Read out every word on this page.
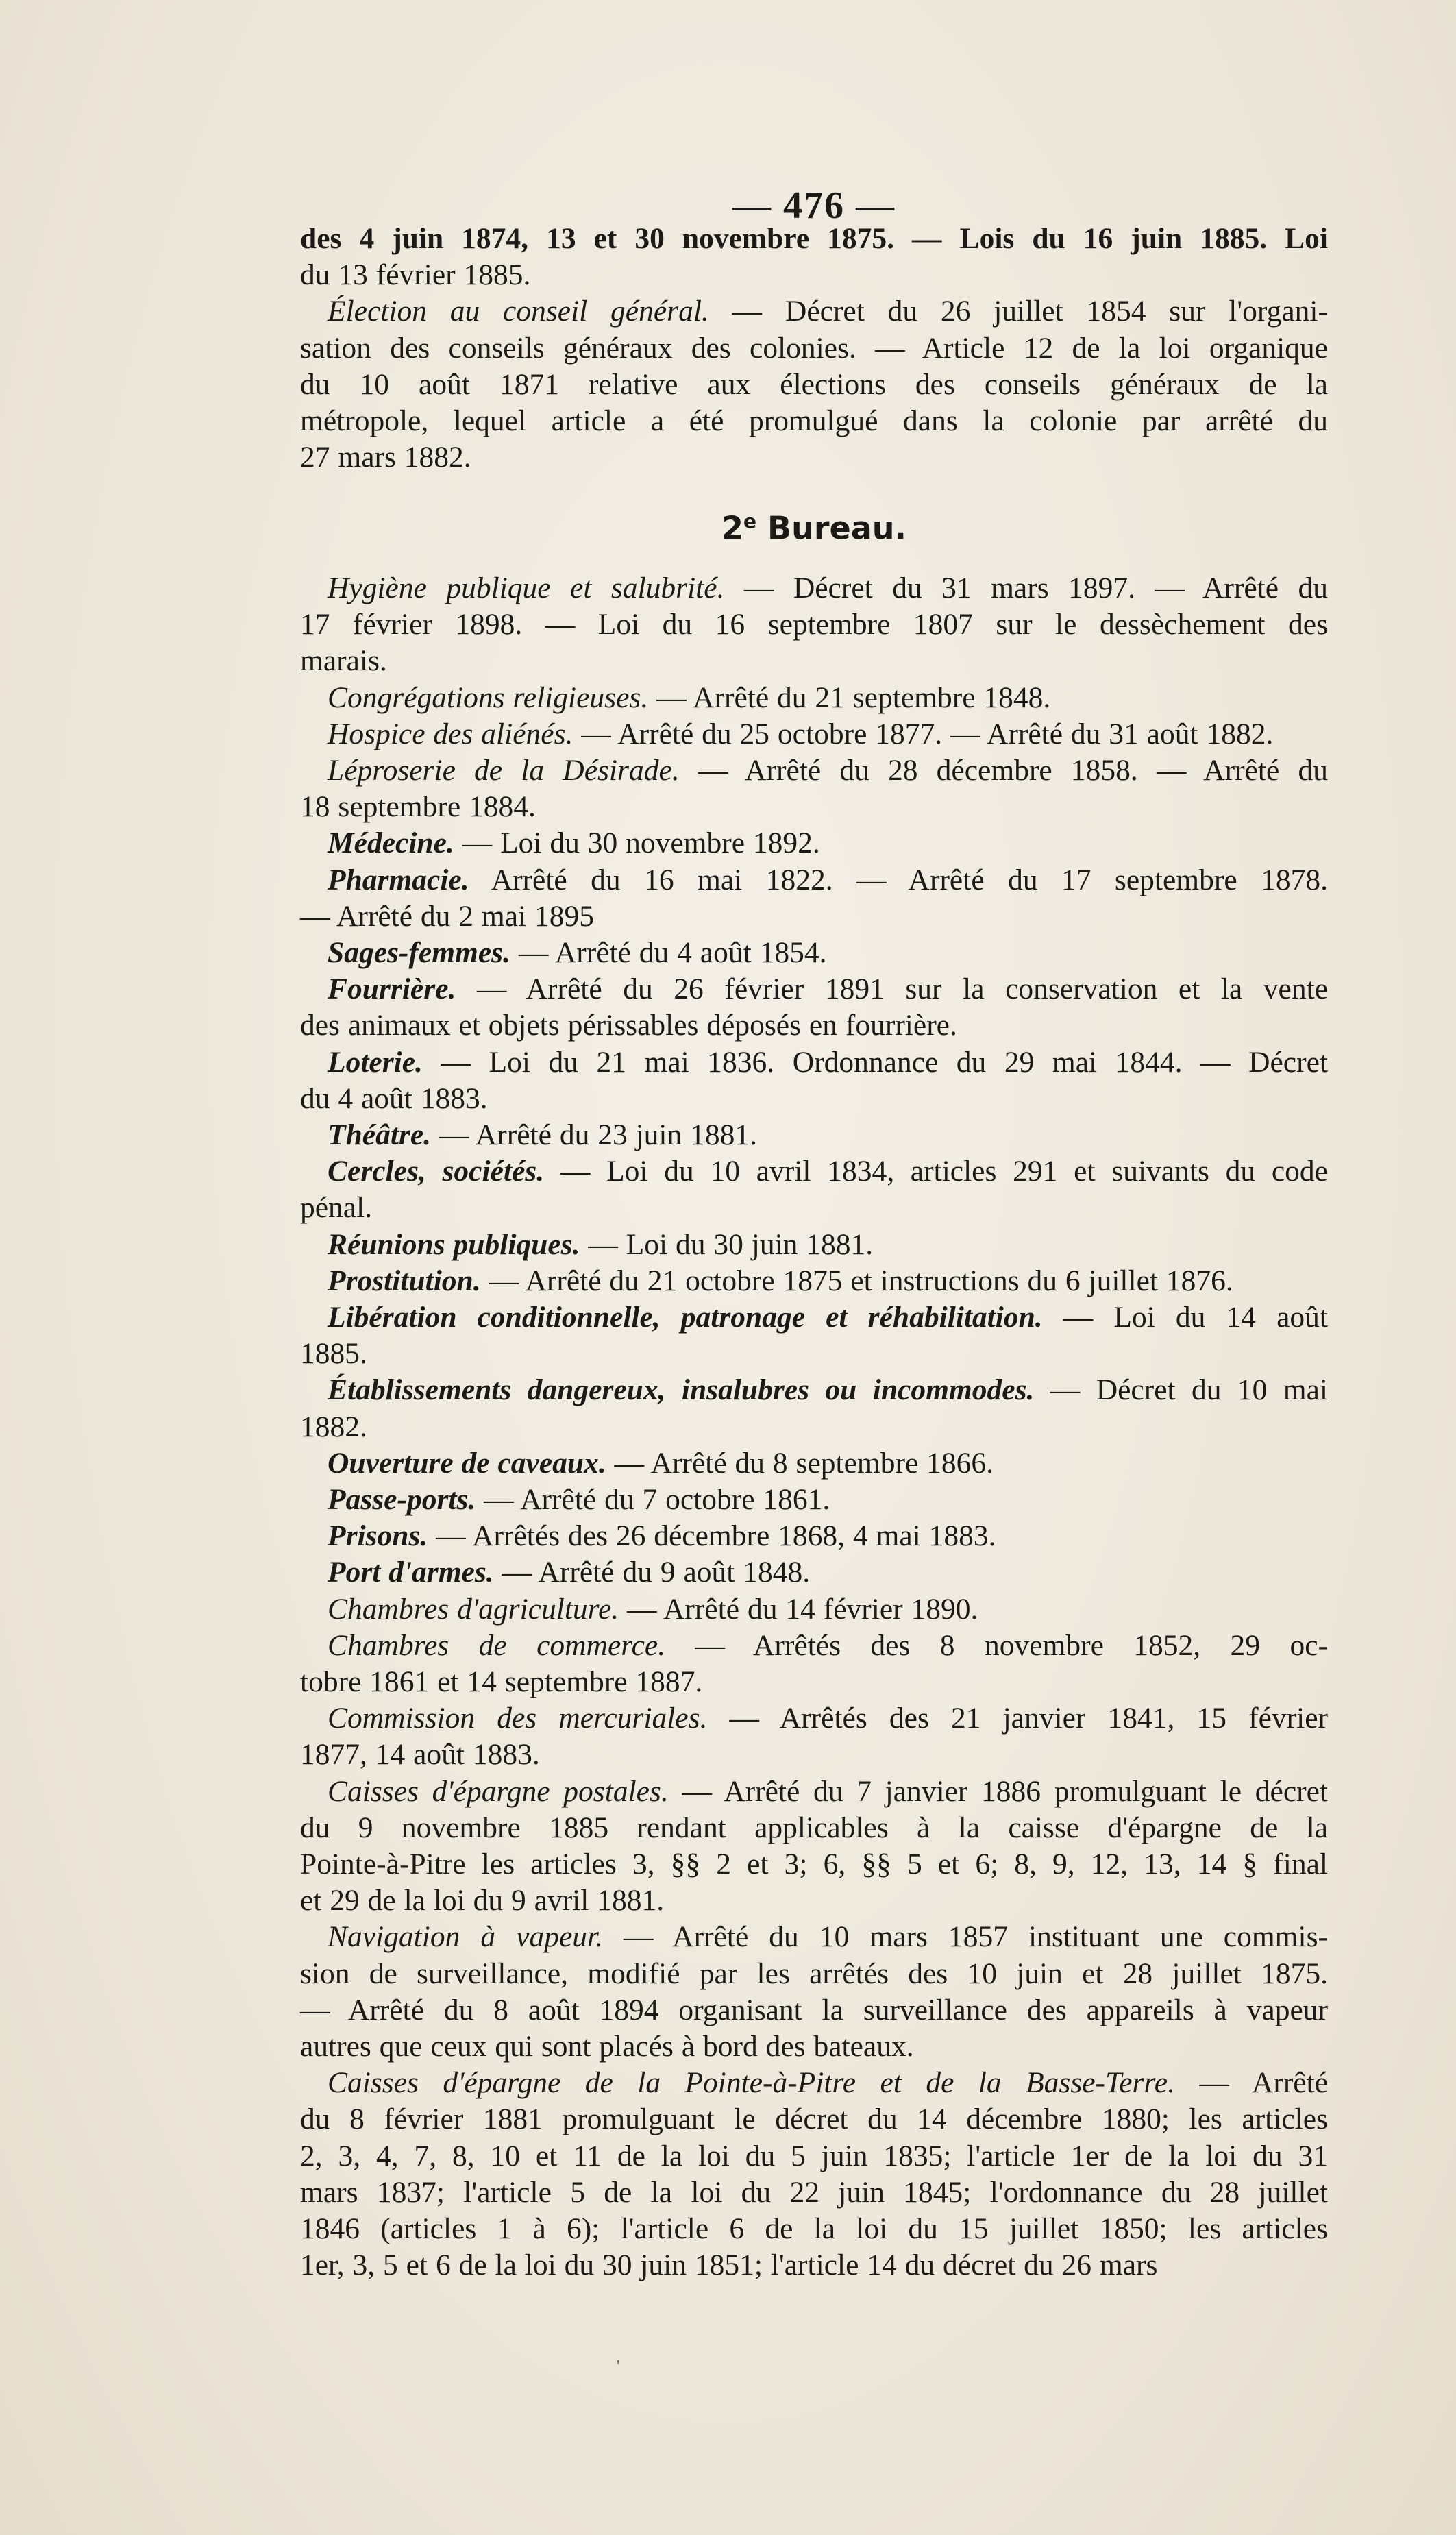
— 476 —
des 4 juin 1874, 13 et 30 novembre 1875. — Lois du 16 juin 1885. Loi
du 13 février 1885.
Élection au conseil général. — Décret du 26 juillet 1854 sur l'organi-
sation des conseils généraux des colonies. — Article 12 de la loi organique
du 10 août 1871 relative aux élections des conseils généraux de la
métropole, lequel article a été promulgué dans la colonie par arrêté du
27 mars 1882.
2e Bureau.
Hygiène publique et salubrité. — Décret du 31 mars 1897. — Arrêté du
17 février 1898. — Loi du 16 septembre 1807 sur le dessèchement des
marais.
Congrégations religieuses. — Arrêté du 21 septembre 1848.
Hospice des aliénés. — Arrêté du 25 octobre 1877. — Arrêté du 31 août 1882.
Léproserie de la Désirade. — Arrêté du 28 décembre 1858. — Arrêté du
18 septembre 1884.
Médecine. — Loi du 30 novembre 1892.
Pharmacie. Arrêté du 16 mai 1822. — Arrêté du 17 septembre 1878.
— Arrêté du 2 mai 1895
Sages-femmes. — Arrêté du 4 août 1854.
Fourrière. — Arrêté du 26 février 1891 sur la conservation et la vente
des animaux et objets périssables déposés en fourrière.
Loterie. — Loi du 21 mai 1836. Ordonnance du 29 mai 1844. — Décret
du 4 août 1883.
Théâtre. — Arrêté du 23 juin 1881.
Cercles, sociétés. — Loi du 10 avril 1834, articles 291 et suivants du code
pénal.
Réunions publiques. — Loi du 30 juin 1881.
Prostitution. — Arrêté du 21 octobre 1875 et instructions du 6 juillet 1876.
Libération conditionnelle, patronage et réhabilitation. — Loi du 14 août
1885.
Établissements dangereux, insalubres ou incommodes. — Décret du 10 mai
1882.
Ouverture de caveaux. — Arrêté du 8 septembre 1866.
Passe-ports. — Arrêté du 7 octobre 1861.
Prisons. — Arrêtés des 26 décembre 1868, 4 mai 1883.
Port d'armes. — Arrêté du 9 août 1848.
Chambres d'agriculture. — Arrêté du 14 février 1890.
Chambres de commerce. — Arrêtés des 8 novembre 1852, 29 oc-
tobre 1861 et 14 septembre 1887.
Commission des mercuriales. — Arrêtés des 21 janvier 1841, 15 février
1877, 14 août 1883.
Caisses d'épargne postales. — Arrêté du 7 janvier 1886 promulguant le décret
du 9 novembre 1885 rendant applicables à la caisse d'épargne de la
Pointe-à-Pitre les articles 3, §§ 2 et 3; 6, §§ 5 et 6; 8, 9, 12, 13, 14 § final
et 29 de la loi du 9 avril 1881.
Navigation à vapeur. — Arrêté du 10 mars 1857 instituant une commis-
sion de surveillance, modifié par les arrêtés des 10 juin et 28 juillet 1875.
— Arrêté du 8 août 1894 organisant la surveillance des appareils à vapeur
autres que ceux qui sont placés à bord des bateaux.
Caisses d'épargne de la Pointe-à-Pitre et de la Basse-Terre. — Arrêté
du 8 février 1881 promulguant le décret du 14 décembre 1880; les articles
2, 3, 4, 7, 8, 10 et 11 de la loi du 5 juin 1835; l'article 1er de la loi du 31
mars 1837; l'article 5 de la loi du 22 juin 1845; l'ordonnance du 28 juillet
1846 (articles 1 à 6); l'article 6 de la loi du 15 juillet 1850; les articles
1er, 3, 5 et 6 de la loi du 30 juin 1851; l'article 14 du décret du 26 mars
'
